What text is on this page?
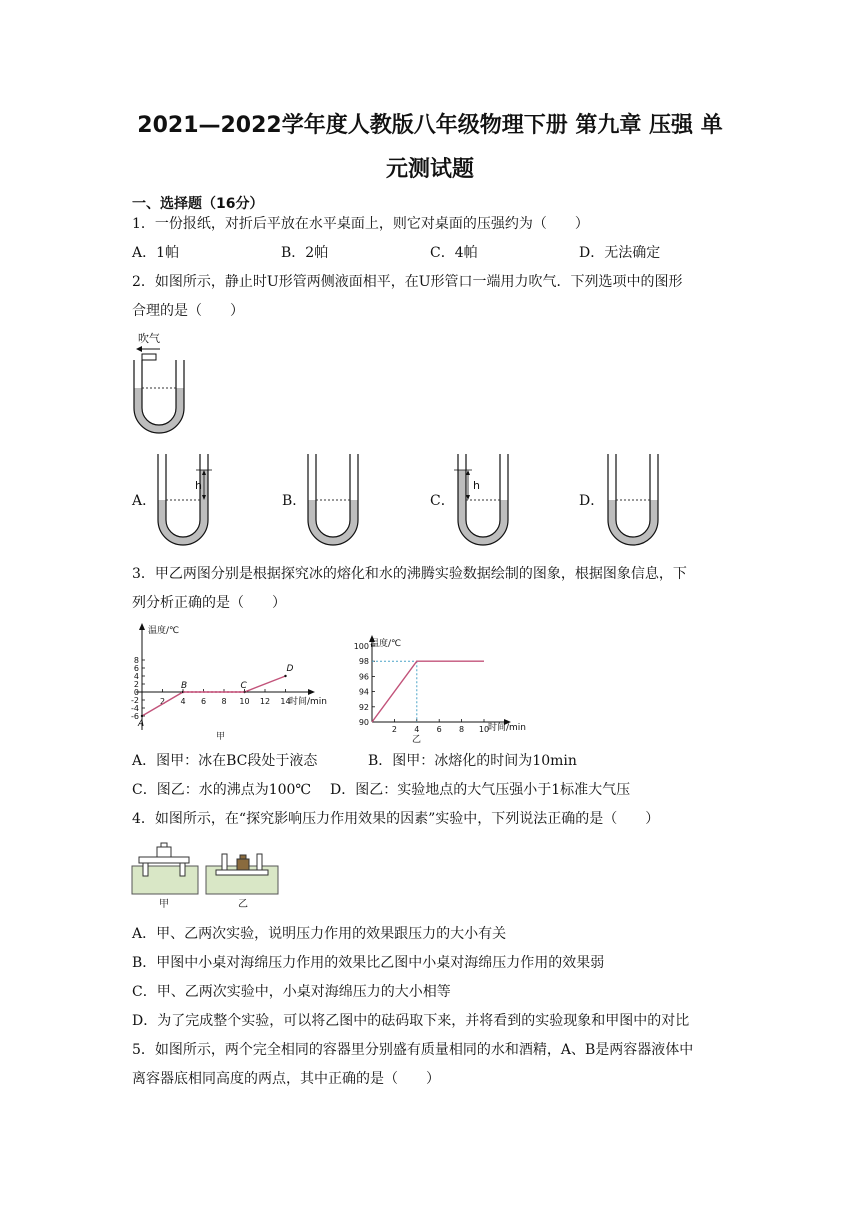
2021—2022学年度人教版八年级物理下册 第九章 压强 单
元测试题
一、选择题（16分）
1．一份报纸，对折后平放在水平桌面上，则它对桌面的压强约为（　　）
A．1帕	B．2帕	C．4帕	D．无法确定
2．如图所示，静止时U形管两侧液面相平，在U形管口一端用力吹气．下列选项中的图形
合理的是（　　）
吹气
A．	B．	C．	D．
h	h
3．甲乙两图分别是根据探究冰的熔化和水的沸腾实验数据绘制的图象，根据图象信息，下
列分析正确的是（　　）
温度/℃
时间/min
甲
8
6
4
2
0
-2
-4
-6
2 4 6 8 10 12 14
A
B	C
D
温度/℃
时间/min
乙
100
98
96
94
92
90
2 4 6 8 10
A．图甲：冰在BC段处于液态	B．图甲：冰熔化的时间为10min
C．图乙：水的沸点为100℃ D．图乙：实验地点的大气压强小于1标准大气压
4．如图所示，在“探究影响压力作用效果的因素”实验中，下列说法正确的是（　　）
甲	乙
A．甲、乙两次实验，说明压力作用的效果跟压力的大小有关
B．甲图中小桌对海绵压力作用的效果比乙图中小桌对海绵压力作用的效果弱
C．甲、乙两次实验中，小桌对海绵压力的大小相等
D．为了完成整个实验，可以将乙图中的砝码取下来，并将看到的实验现象和甲图中的对比
5．如图所示，两个完全相同的容器里分别盛有质量相同的水和酒精，A、B是两容器液体中
离容器底相同高度的两点，其中正确的是（　　）
